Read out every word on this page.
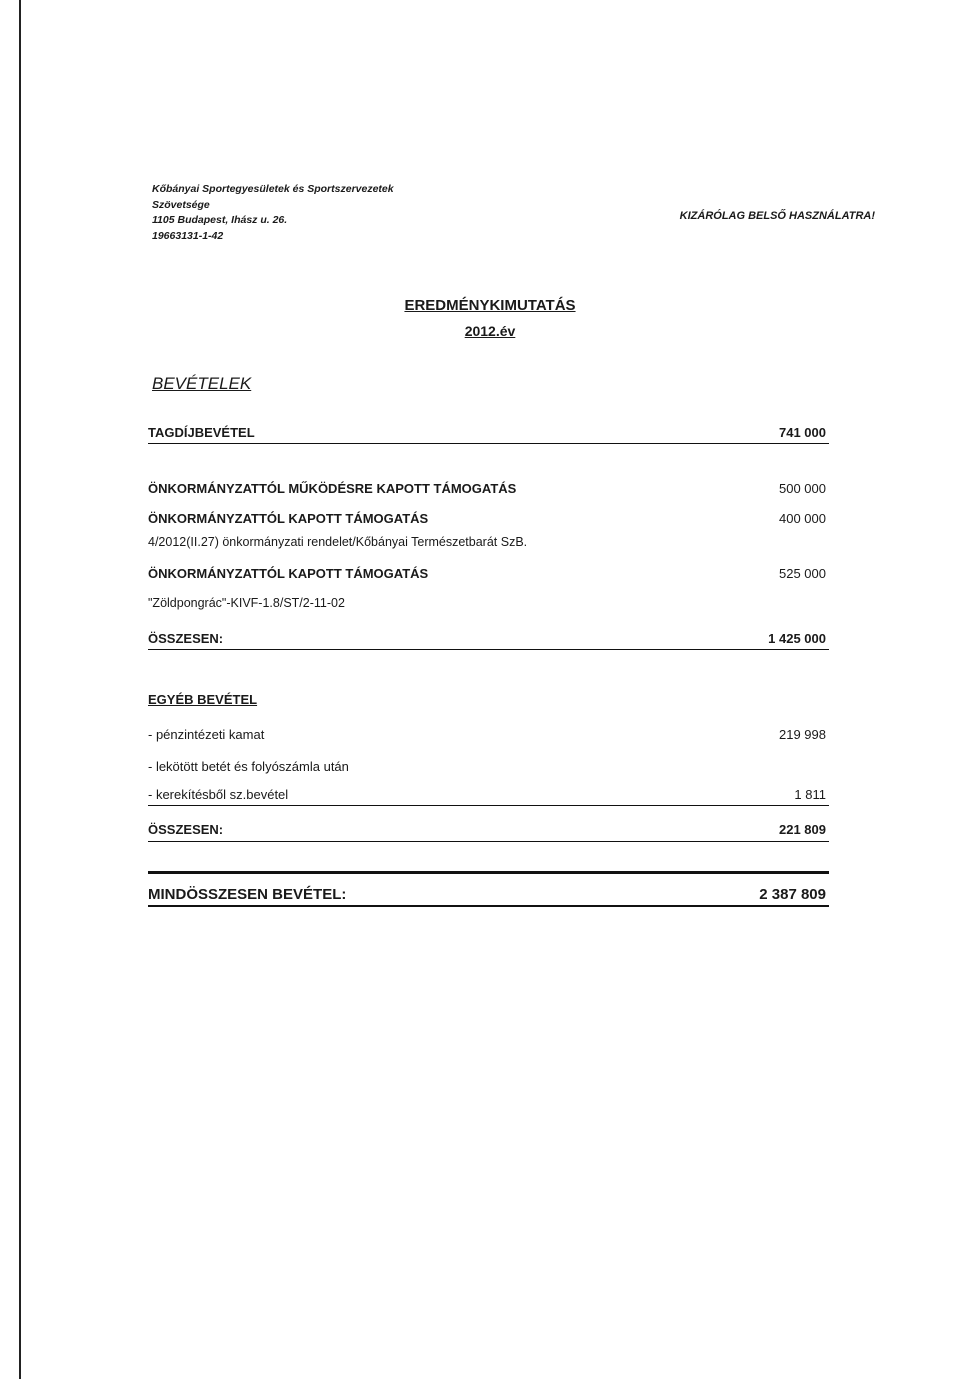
Kőbányai Sportegyesületek és Sportszervezetek
Szövetsége
1105 Budapest, Ihász u. 26.
19663131-1-42
KIZÁRÓLAG BELSŐ HASZNÁLATRA!
EREDMÉNYKIMUTATÁS
2012.év
BEVÉTELEK
TAGDÍJBEVÉTEL	741 000
ÖNKORMÁNYZATTÓL MŰKÖDÉSRE KAPOTT TÁMOGATÁS	500 000
ÖNKORMÁNYZATTÓL KAPOTT TÁMOGATÁS	400 000
4/2012(II.27) önkormányzati rendelet/Kőbányai Természetbarát SzB.
ÖNKORMÁNYZATTÓL KAPOTT TÁMOGATÁS	525 000
"Zöldpongrác"-KIVF-1.8/ST/2-11-02
ÖSSZESEN:	1 425 000
EGYÉB BEVÉTEL
- pénzintézeti kamat	219 998
- lekötött betét és folyószámla után
- kerekítésből sz.bevétel	1 811
ÖSSZESEN:	221 809
MINDÖSSZESEN BEVÉTEL:	2 387 809
